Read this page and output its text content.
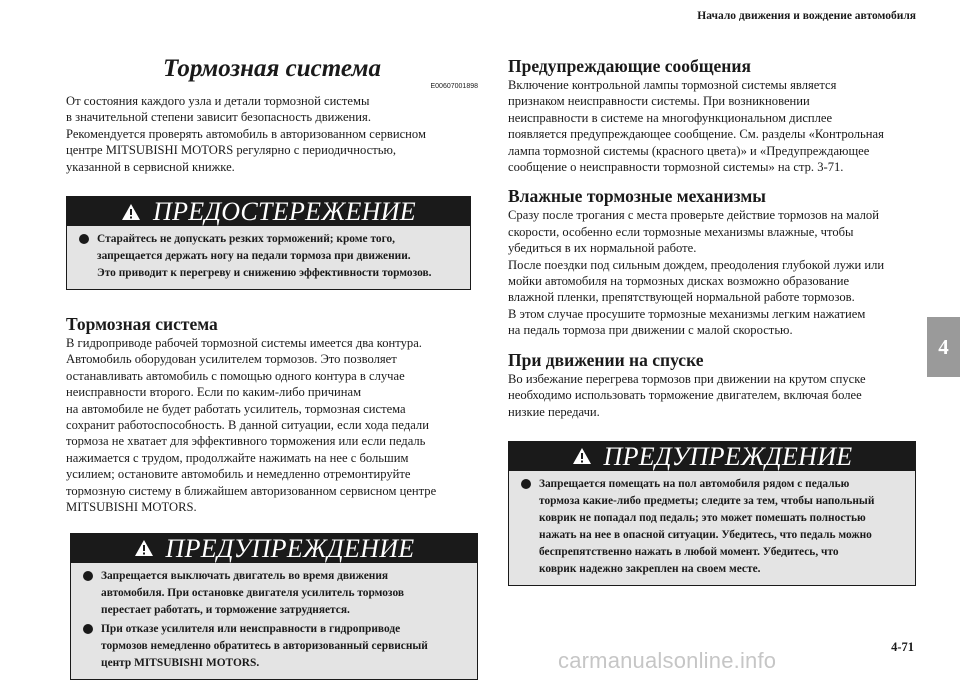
Начало движения и вождение автомобиля
4
4-71
carmanualsonline.info
Тормозная система
E00607001898

От состояния каждого узла и детали тормозной системы
в значительной степени зависит безопасность движения.
Рекомендуется проверять автомобиль в авторизованном сервисном
центре MITSUBISHI MOTORS регулярно с периодичностью,
указанной в сервисной книжке.

ПРЕДОСТЕРЕЖЕНИЕ
Старайтесь не допускать резких торможений; кроме того,
запрещается держать ногу на педали тормоза при движении.
Это приводит к перегреву и снижению эффективности тормозов.
Тормозная система

В гидроприводе рабочей тормозной системы имеется два контура.
Автомобиль оборудован усилителем тормозов. Это позволяет
останавливать автомобиль с помощью одного контура в случае
неисправности второго. Если по каким-либо причинам
на автомобиле не будет работать усилитель, тормозная система
сохранит работоспособность. В данной ситуации, если хода педали
тормоза не хватает для эффективного торможения или если педаль
нажимается с трудом, продолжайте нажимать на нее с большим
усилием; остановите автомобиль и немедленно отремонтируйте
тормозную систему в ближайшем авторизованном сервисном центре
MITSUBISHI MOTORS.

ПРЕДУПРЕЖДЕНИЕ
Запрещается выключать двигатель во время движения
автомобиля. При остановке двигателя усилитель тормозов
перестает работать, и торможение затрудняется.
При отказе усилителя или неисправности в гидроприводе
тормозов немедленно обратитесь в авторизованный сервисный
центр MITSUBISHI MOTORS.
Предупреждающие сообщения

Включение контрольной лампы тормозной системы является
признаком неисправности системы. При возникновении
неисправности в системе на многофункциональном дисплее
появляется предупреждающее сообщение. См. разделы «Контрольная
лампа тормозной системы (красного цвета)» и «Предупреждающее
сообщение о неисправности тормозной системы» на стр. 3-71.

Влажные тормозные механизмы

Сразу после трогания с места проверьте действие тормозов на малой
скорости, особенно если тормозные механизмы влажные, чтобы
убедиться в их нормальной работе.
После поездки под сильным дождем, преодоления глубокой лужи или
мойки автомобиля на тормозных дисках возможно образование
влажной пленки, препятствующей нормальной работе тормозов.
В этом случае просушите тормозные механизмы легким нажатием
на педаль тормоза при движении с малой скоростью.

При движении на спуске

Во избежание перегрева тормозов при движении на крутом спуске
необходимо использовать торможение двигателем, включая более
низкие передачи.

ПРЕДУПРЕЖДЕНИЕ
Запрещается помещать на пол автомобиля рядом с педалью
тормоза какие-либо предметы; следите за тем, чтобы напольный
коврик не попадал под педаль; это может помешать полностью
нажать на нее в опасной ситуации. Убедитесь, что педаль можно
беспрепятственно нажать в любой момент. Убедитесь, что
коврик надежно закреплен на своем месте.
